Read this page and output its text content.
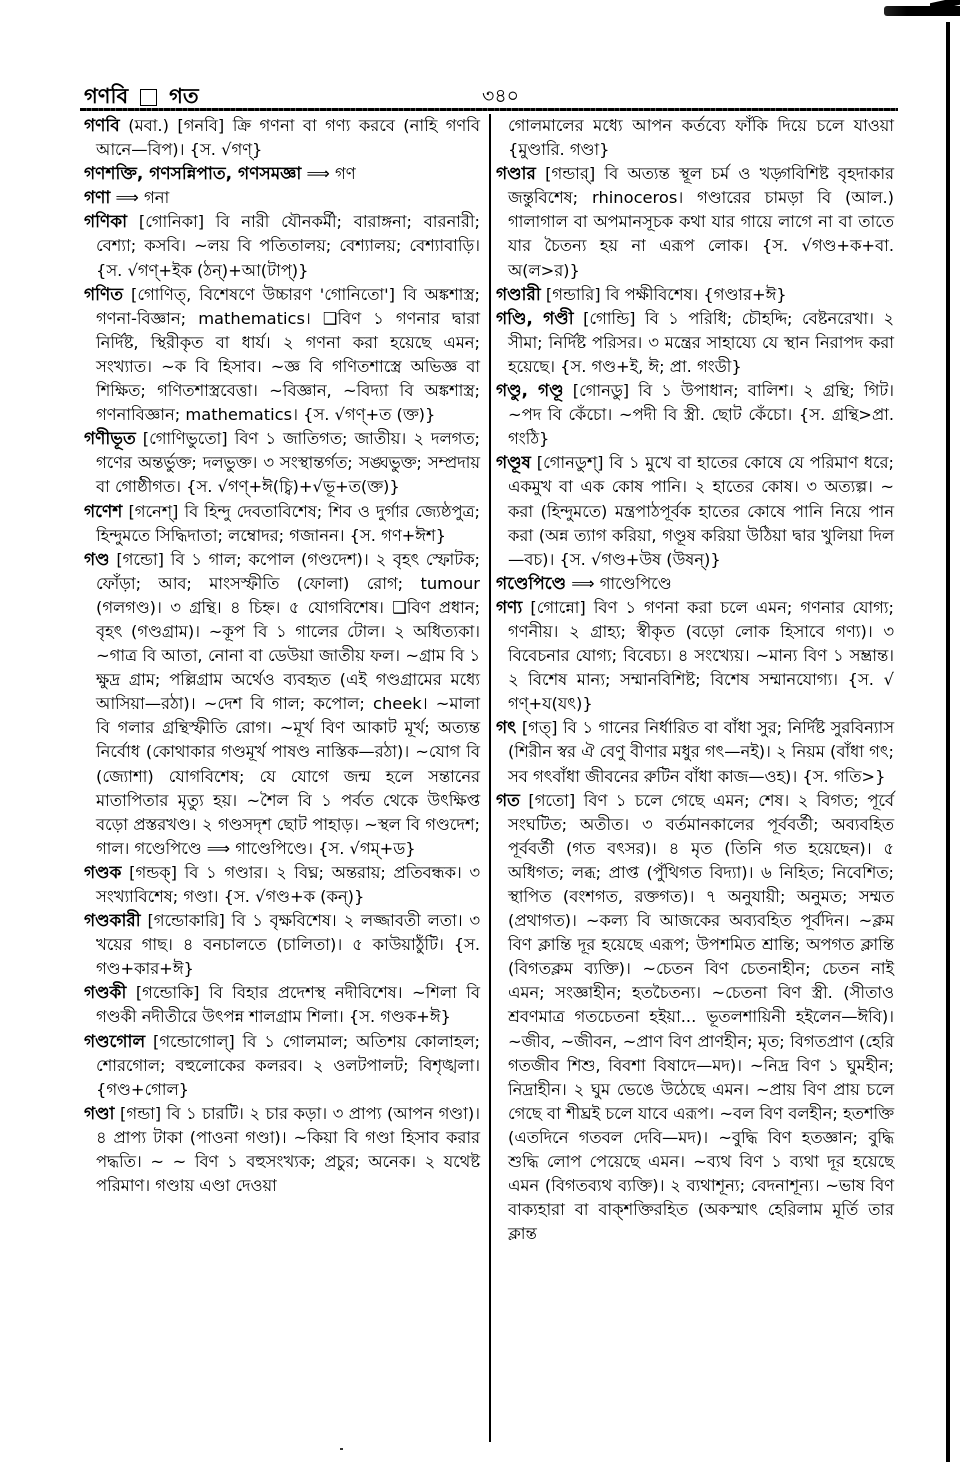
গণবি গত	৩৪০

গণবি (মবা.) [গনবি] ক্রি গণনা বা গণ্য করবে (নাহি গণবি আনে—বিপ)। {স. √গণ্}

গণশক্তি, গণসন্নিপাত, গণসমজ্ঞা ⟹ গণ

গণা ⟹ গনা

গণিকা [গোনিকা] বি নারী যৌনকর্মী; বারাঙ্গনা; বারনারী; বেশ্যা; কসবি। ~লয় বি পতিতালয়; বেশ্যালয়; বেশ্যাবাড়ি। {স. √গণ্+ইক (ঠন্)+আ(টাপ্)}

গণিত [গোণিত্, বিশেষণে উচ্চারণ 'গোনিতো'] বি অঙ্কশাস্ত্র; গণনা-বিজ্ঞান; mathematics। ❑বিণ ১ গণনার দ্বারা নির্দিষ্ট, স্থিরীকৃত বা ধার্য। ২ গণনা করা হয়েছে এমন; সংখ্যাত। ~ক বি হিসাব। ~জ্ঞ বি গণিতশাস্ত্রে অভিজ্ঞ বা শিক্ষিত; গণিতশাস্ত্রবেত্তা। ~বিজ্ঞান, ~বিদ্যা বি অঙ্কশাস্ত্র; গণনাবিজ্ঞান; mathematics। {স. √গণ্+ত (ক্ত)}

গণীভূত [গোণিভুতো] বিণ ১ জাতিগত; জাতীয়। ২ দলগত; গণের অন্তর্ভুক্ত; দলভুক্ত। ৩ সংস্থান্তর্গত; সঙ্ঘভুক্ত; সম্প্রদায় বা গোষ্ঠীগত। {স. √গণ্+ঈ(চ্বি)+√ভূ+ত(ক্ত)}

গণেশ [গনেশ্] বি হিন্দু দেবতাবিশেষ; শিব ও দুর্গার জ্যেষ্ঠপুত্র; হিন্দুমতে সিদ্ধিদাতা; লম্বোদর; গজানন। {স. গণ+ঈশ}

গণ্ড [গন্ডো] বি ১ গাল; কপোল (গণ্ডদেশ)। ২ বৃহৎ স্ফোটক; ফোঁড়া; আব; মাংসস্ফীতি (ফোলা) রোগ; tumour (গলগণ্ড)। ৩ গ্রন্থি। ৪ চিহ্ন। ৫ যোগবিশেষ। ❑বিণ প্রধান; বৃহৎ (গণ্ডগ্রাম)। ~কূপ বি ১ গালের টোল। ২ অধিত্যকা। ~গাত্র বি আতা, নোনা বা ডেউয়া জাতীয় ফল। ~গ্রাম বি ১ ক্ষুদ্র গ্রাম; পল্লিগ্রাম অর্থেও ব্যবহৃত (এই গণ্ডগ্রামের মধ্যে আসিয়া—রঠা)। ~দেশ বি গাল; কপোল; cheek। ~মালা বি গলার গ্রন্থিস্ফীতি রোগ। ~মূর্খ বিণ আকাট মূর্খ; অত্যন্ত নির্বোধ (কোথাকার গণ্ডমূর্খ পাষণ্ড নাস্তিক—রঠা)। ~যোগ বি (জ্যোশা) যোগবিশেষ; যে যোগে জন্ম হলে সন্তানের মাতাপিতার মৃত্যু হয়। ~শৈল বি ১ পর্বত থেকে উৎক্ষিপ্ত বড়ো প্রস্তরখণ্ড। ২ গণ্ডসদৃশ ছোট পাহাড়। ~স্থল বি গণ্ডদেশ; গাল। গণ্ডেপিণ্ডে ⟹ গাণ্ডেপিণ্ডে। {স. √গম্+ড}

গণ্ডক [গন্ডক্] বি ১ গণ্ডার। ২ বিঘ্ন; অন্তরায়; প্রতিবন্ধক। ৩ সংখ্যাবিশেষ; গণ্ডা। {স. √গণ্ড+ক (কন্)}

গণ্ডকারী [গন্ডোকারি] বি ১ বৃক্ষবিশেষ। ২ লজ্জাবতী লতা। ৩ খয়ের গাছ। ৪ বনচালতে (চালিতা)। ৫ কাউয়াঠুঁটি। {স. গণ্ড+কার+ঈ}

গণ্ডকী [গন্ডোকি] বি বিহার প্রদেশস্থ নদীবিশেষ। ~শিলা বি গণ্ডকী নদীতীরে উৎপন্ন শালগ্রাম শিলা। {স. গণ্ডক+ঈ}

গণ্ডগোল [গন্ডোগোল্] বি ১ গোলমাল; অতিশয় কোলাহল; শোরগোল; বহুলোকের কলরব। ২ ওলটপালট; বিশৃঙ্খলা। {গণ্ড+গোল}

গণ্ডা [গন্ডা] বি ১ চারটি। ২ চার কড়া। ৩ প্রাপ্য (আপন গণ্ডা)। ৪ প্রাপ্য টাকা (পাওনা গণ্ডা)। ~কিয়া বি গণ্ডা হিসাব করার পদ্ধতি। ~ ~ বিণ ১ বহুসংখ্যক; প্রচুর; অনেক। ২ যথেষ্ট পরিমাণ। গণ্ডায় এণ্ডা দেওয়া

গোলমালের মধ্যে আপন কর্তব্যে ফাঁকি দিয়ে চলে যাওয়া {মুণ্ডারি. গণ্ডা}

গণ্ডার [গন্ডার্] বি অত্যন্ত স্থূল চর্ম ও খড়্গবিশিষ্ট বৃহদাকার জন্তুবিশেষ; rhinoceros। গণ্ডারের চামড়া বি (আল.) গালাগাল বা অপমানসূচক কথা যার গায়ে লাগে না বা তাতে যার চৈতন্য হয় না এরূপ লোক। {স. √গণ্ড+ক+বা. অ(ল>র)}

গণ্ডারী [গন্ডারি] বি পক্ষীবিশেষ। {গণ্ডার+ঈ}

গণ্ডি, গণ্ডী [গোন্ডি] বি ১ পরিধি; চৌহদ্দি; বেষ্টনরেখা। ২ সীমা; নির্দিষ্ট পরিসর। ৩ মন্ত্রের সাহায্যে যে স্থান নিরাপদ করা হয়েছে। {স. গণ্ড+ই, ঈ; প্রা. গংডী}

গণ্ডু, গণ্ডূ [গোনডু] বি ১ উপাধান; বালিশ। ২ গ্রন্থি; গিট। ~পদ বি কেঁচো। ~পদী বি স্ত্রী. ছোট কেঁচো। {স. গ্রন্থি>প্রা. গংঠি}

গণ্ডূষ [গোনডুশ্] বি ১ মুখে বা হাতের কোষে যে পরিমাণ ধরে; একমুখ বা এক কোষ পানি। ২ হাতের কোষ। ৩ অত্যল্প। ~ করা (হিন্দুমতে) মন্ত্রপাঠপূর্বক হাতের কোষে পানি নিয়ে পান করা (অন্ন ত্যাগ করিয়া, গণ্ডূষ করিয়া উঠিয়া দ্বার খুলিয়া দিল—বচ)। {স. √গণ্ড+উষ (উষন্)}

গণ্ডেপিণ্ডে ⟹ গাণ্ডেপিণ্ডে

গণ্য [গোন্নো] বিণ ১ গণনা করা চলে এমন; গণনার যোগ্য; গণনীয়। ২ গ্রাহ্য; স্বীকৃত (বড়ো লোক হিসাবে গণ্য)। ৩ বিবেচনার যোগ্য; বিবেচ্য। ৪ সংখ্যেয়। ~মান্য বিণ ১ সম্ভ্রান্ত। ২ বিশেষ মান্য; সম্মানবিশিষ্ট; বিশেষ সম্মানযোগ্য। {স. √ গণ্+য(যৎ)}

গৎ [গত্] বি ১ গানের নির্ধারিত বা বাঁধা সুর; নির্দিষ্ট সুরবিন্যাস (শিরীন স্বর ঐ বেণু বীণার মধুর গৎ—নই)। ২ নিয়ম (বাঁধা গৎ; সব গৎবাঁধা জীবনের রুটিন বাঁধা কাজ—ওহ)। {স. গতি>}

গত [গতো] বিণ ১ চলে গেছে এমন; শেষ। ২ বিগত; পূর্বে সংঘটিত; অতীত। ৩ বর্তমানকালের পূর্ববর্তী; অব্যবহিত পূর্ববর্তী (গত বৎসর)। ৪ মৃত (তিনি গত হয়েছেন)। ৫ অধিগত; লব্ধ; প্রাপ্ত (পুঁথিগত বিদ্যা)। ৬ নিহিত; নিবেশিত; স্থাপিত (বংশগত, রক্তগত)। ৭ অনুযায়ী; অনুমত; সম্মত (প্রথাগত)। ~কল্য বি আজকের অব্যবহিত পূর্বদিন। ~ক্লম বিণ ক্লান্তি দূর হয়েছে এরূপ; উপশমিত শ্রান্তি; অপগত ক্লান্তি (বিগতক্লম ব্যক্তি)। ~চেতন বিণ চেতনাহীন; চেতন নাই এমন; সংজ্ঞাহীন; হতচৈতন্য। ~চেতনা বিণ স্ত্রী. (সীতাও শ্রবণমাত্র গতচেতনা হইয়া... ভূতলশায়িনী হইলেন—ঈবি)। ~জীব, ~জীবন, ~প্রাণ বিণ প্রাণহীন; মৃত; বিগতপ্রাণ (হেরি গতজীব শিশু, বিবশা বিষাদে—মদ)। ~নিদ্র বিণ ১ ঘুমহীন; নিদ্রাহীন। ২ ঘুম ভেঙে উঠেছে এমন। ~প্রায় বিণ প্রায় চলে গেছে বা শীঘ্রই চলে যাবে এরূপ। ~বল বিণ বলহীন; হতশক্তি (এতদিনে গতবল দেবি—মদ)। ~বুদ্ধি বিণ হতজ্ঞান; বুদ্ধি শুদ্ধি লোপ পেয়েছে এমন। ~ব্যথ বিণ ১ ব্যথা দূর হয়েছে এমন (বিগতব্যথ ব্যক্তি)। ২ ব্যথাশূন্য; বেদনাশূন্য। ~ভাষ বিণ বাক্যহারা বা বাক্শক্তিরহিত (অকস্মাৎ হেরিলাম মূর্তি তার ক্লান্ত
